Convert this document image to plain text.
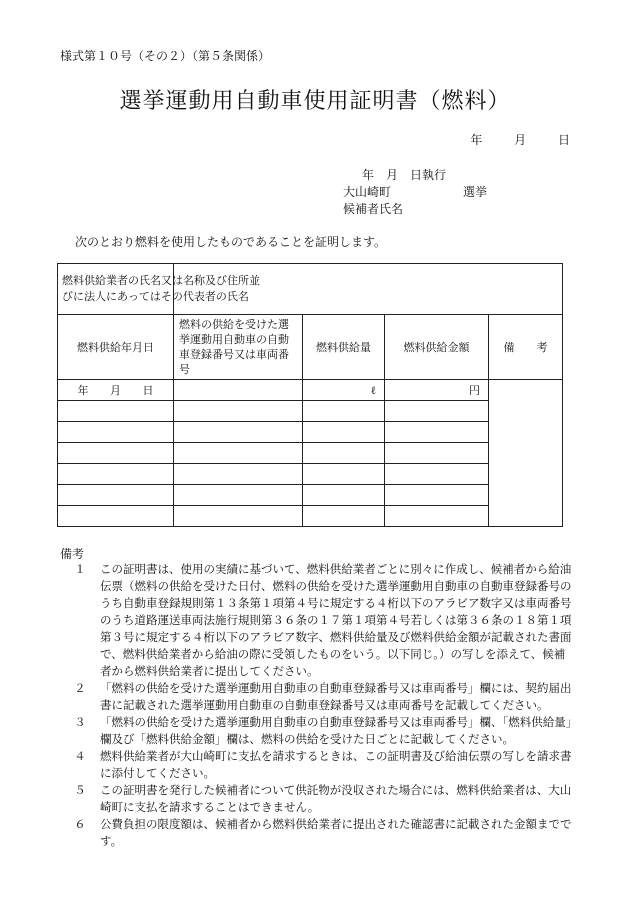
様式第１０号（その２）（第５条関係）
選挙運動用自動車使用証明書（燃料）
年 月 日
年　月　日執行
大山崎町	選挙
候補者氏名
次のとおり燃料を使用したものであることを証明します。
燃料供給業者の氏名又は名称及び住所並びに法人にあってはその代表者の氏名				

燃料供給年月日	燃料の供給を受けた選挙運動用自動車の自動車登録番号又は車両番号	燃料供給量	燃料供給金額	備　　考
年 月 日		ℓ	円	

備考
１	この証明書は、使用の実績に基づいて、燃料供給業者ごとに別々に作成し、候補者から給油伝票（燃料の供給を受けた日付、燃料の供給を受けた選挙運動用自動車の自動車登録番号のうち自動車登録規則第１３条第１項第４号に規定する４桁以下のアラビア数字又は車両番号のうち道路運送車両法施行規則第３６条の１７第１項第４号若しくは第３６条の１８第１項第３号に規定する４桁以下のアラビア数字、燃料供給量及び燃料供給金額が記載された書面で、燃料供給業者から給油の際に受領したものをいう。以下同じ。）の写しを添えて、候補者から燃料供給業者に提出してください。
２	「燃料の供給を受けた選挙運動用自動車の自動車登録番号又は車両番号」欄には、契約届出書に記載された選挙運動用自動車の自動車登録番号又は車両番号を記載してください。
３	「燃料の供給を受けた選挙運動用自動車の自動車登録番号又は車両番号」欄、「燃料供給量」欄及び「燃料供給金額」欄は、燃料の供給を受けた日ごとに記載してください。
４	燃料供給業者が大山崎町に支払を請求するときは、この証明書及び給油伝票の写しを請求書に添付してください。
５	この証明書を発行した候補者について供託物が没収された場合には、燃料供給業者は、大山崎町に支払を請求することはできません。
６	公費負担の限度額は、候補者から燃料供給業者に提出された確認書に記載された金額までです。
